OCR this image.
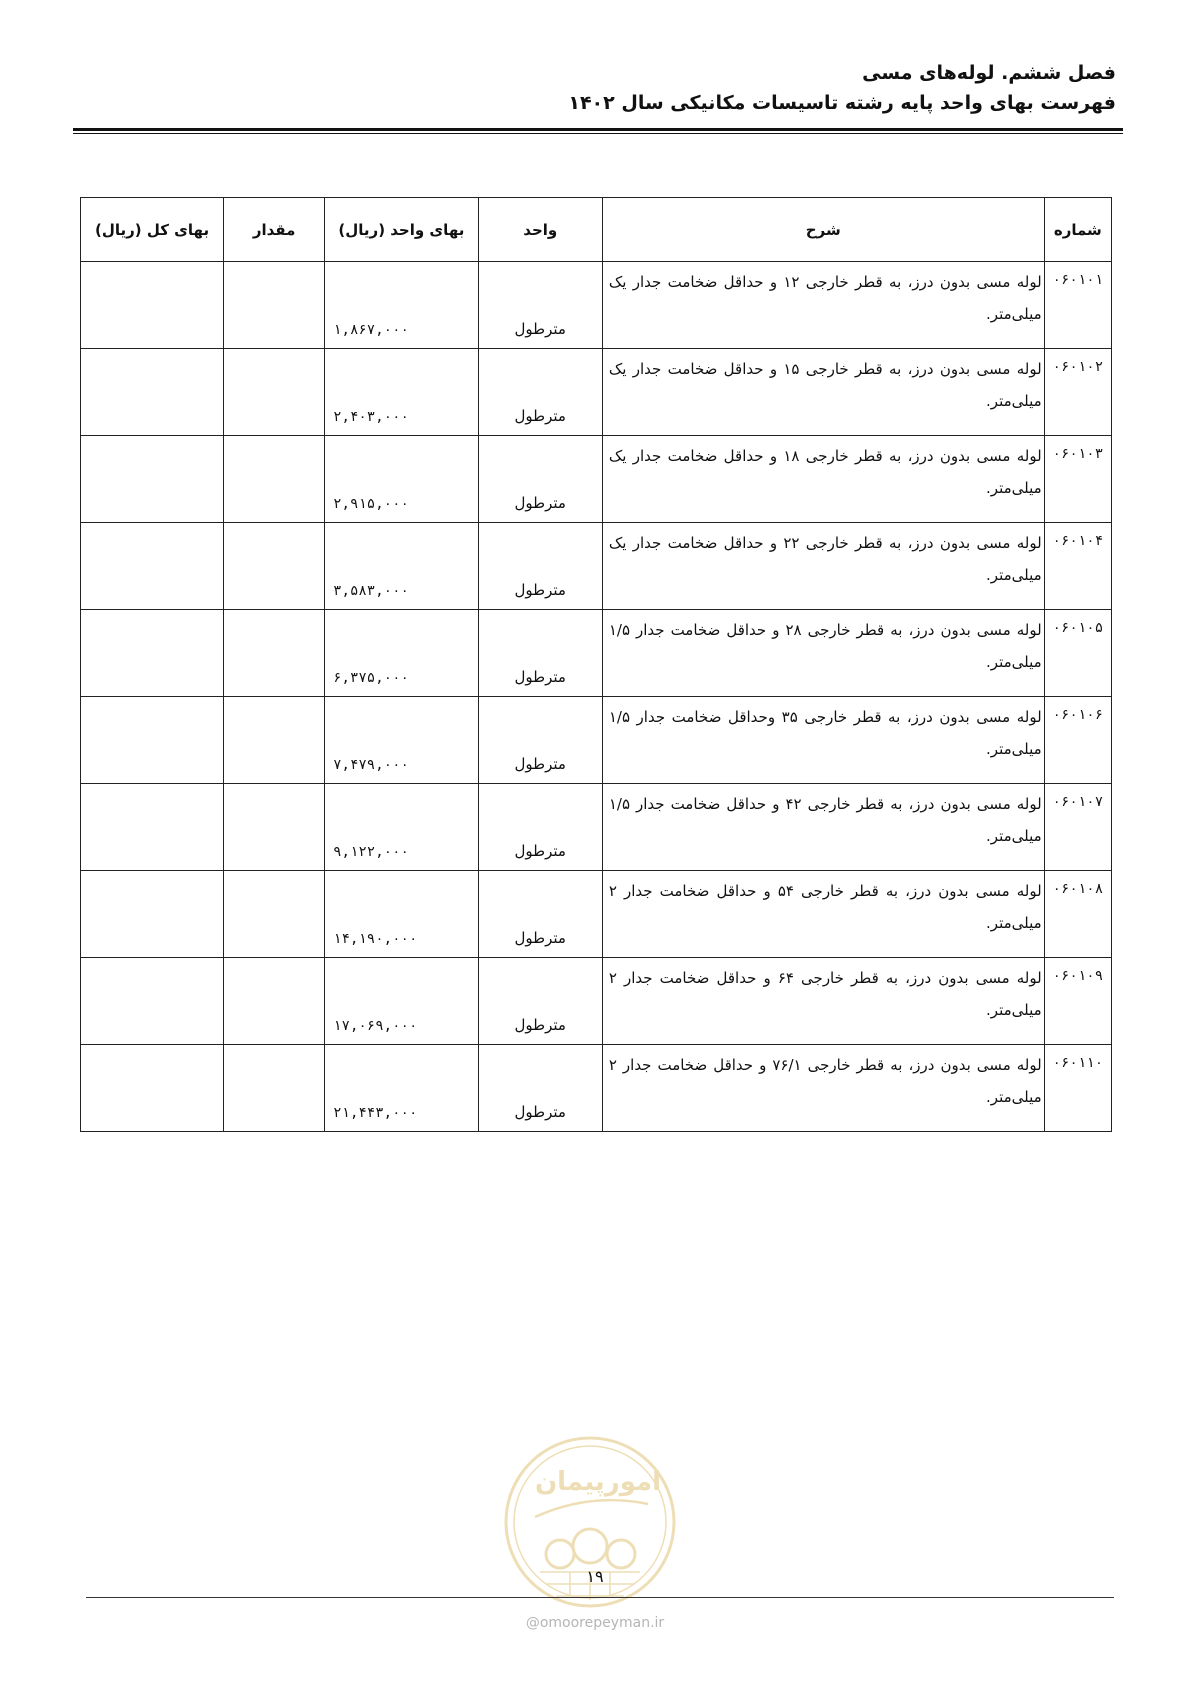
فصل ششم. لوله‌های مسی

فهرست بهای واحد پایه رشته تاسیسات مکانیکی سال ۱۴۰۲

شماره	شرح	واحد	بهای واحد (ریال)	مقدار	بهای کل (ریال)
۰۶۰۱۰۱	لوله مسی بدون درز، به قطر خارجی ۱۲ و حداقل ضخامت جدار یک میلی‌متر.	مترطول	۱,۸۶۷,۰۰۰		
۰۶۰۱۰۲	لوله مسی بدون درز، به قطر خارجی ۱۵ و حداقل ضخامت جدار یک میلی‌متر.	مترطول	۲,۴۰۳,۰۰۰		
۰۶۰۱۰۳	لوله مسی بدون درز، به قطر خارجی ۱۸ و حداقل ضخامت جدار یک میلی‌متر.	مترطول	۲,۹۱۵,۰۰۰		
۰۶۰۱۰۴	لوله مسی بدون درز، به قطر خارجی ۲۲ و حداقل ضخامت جدار یک میلی‌متر.	مترطول	۳,۵۸۳,۰۰۰		
۰۶۰۱۰۵	لوله مسی بدون درز، به قطر خارجی ۲۸ و حداقل ضخامت جدار ۱/۵ میلی‌متر.	مترطول	۶,۳۷۵,۰۰۰		
۰۶۰۱۰۶	لوله مسی بدون درز، به قطر خارجی ۳۵ وحداقل ضخامت جدار ۱/۵ میلی‌متر.	مترطول	۷,۴۷۹,۰۰۰		
۰۶۰۱۰۷	لوله مسی بدون درز، به قطر خارجی ۴۲ و حداقل ضخامت جدار ۱/۵ میلی‌متر.	مترطول	۹,۱۲۲,۰۰۰		
۰۶۰۱۰۸	لوله مسی بدون درز، به قطر خارجی ۵۴ و حداقل ضخامت جدار ۲ میلی‌متر.	مترطول	۱۴,۱۹۰,۰۰۰		
۰۶۰۱۰۹	لوله مسی بدون درز، به قطر خارجی ۶۴ و حداقل ضخامت جدار ۲ میلی‌متر.	مترطول	۱۷,۰۶۹,۰۰۰		
۰۶۰۱۱۰	لوله مسی بدون درز، به قطر خارجی ۷۶/۱ و حداقل ضخامت جدار ۲ میلی‌متر.	مترطول	۲۱,۴۴۳,۰۰۰		
امورپیمان
۱۹
@omoorepeyman.ir
